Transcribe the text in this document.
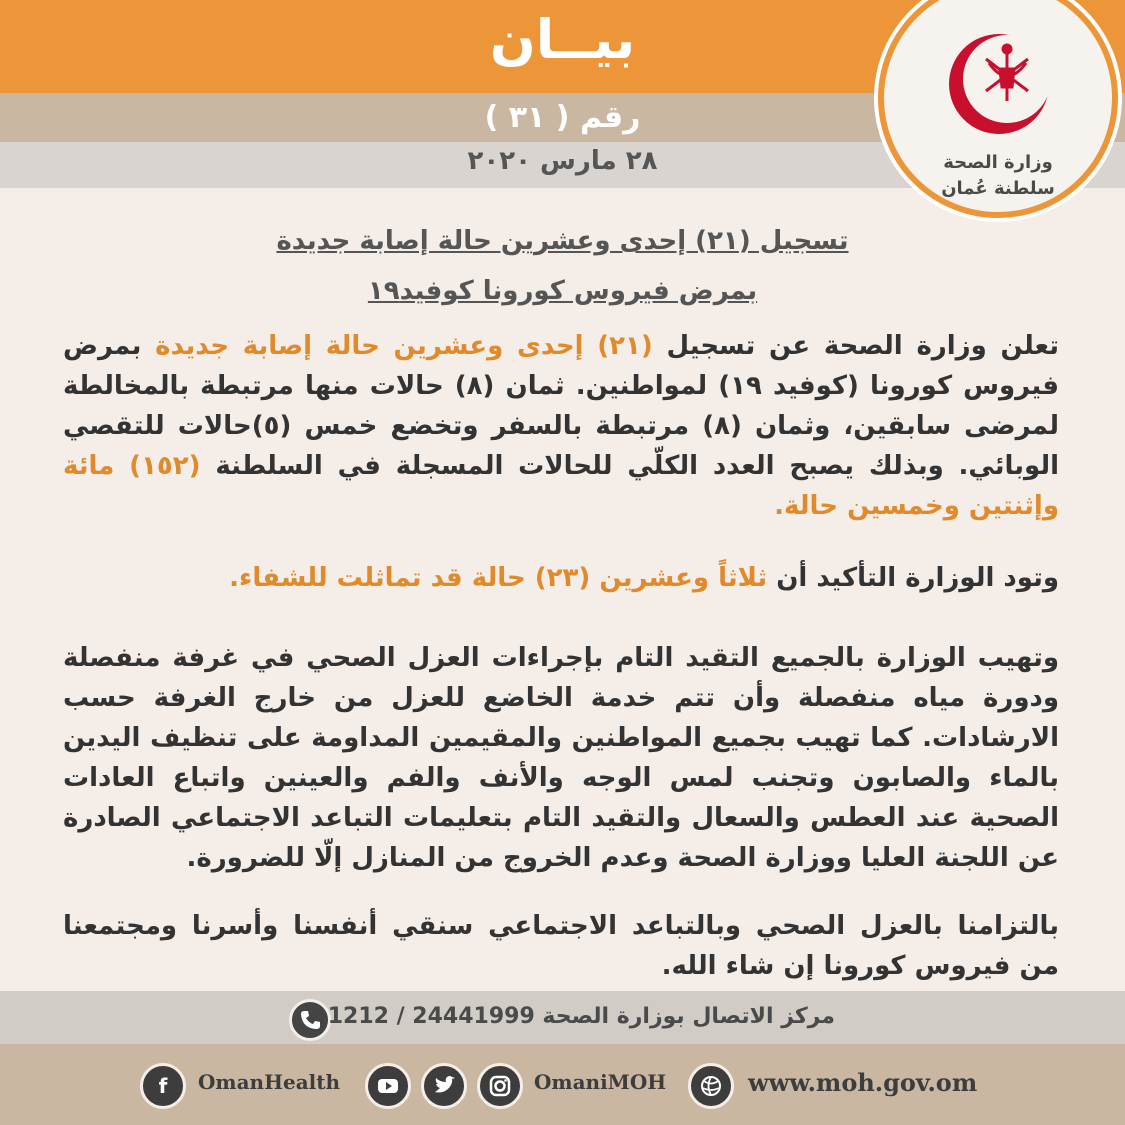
بيــان
رقم ( ٣١ )
٢٨ مارس ٢٠٢٠	وزارة الصحة
سلطنة عُمان
تسجيل (٢١) إحدى وعشرين حالة إصابة جديدة
بمرض فيروس كورونا كوفيد١٩
تعلن وزارة الصحة عن تسجيل (٢١) إحدى وعشرين حالة إصابة جديدة بمرض فيروس كورونا (كوفيد ١٩) لمواطنين. ثمان (٨) حالات منها مرتبطة بالمخالطة لمرضى سابقين، وثمان (٨) مرتبطة بالسفر وتخضع خمس (٥)حالات للتقصي الوبائي. وبذلك يصبح العدد الكلّي للحالات المسجلة في السلطنة (١٥٢) مائة وإثنتين وخمسين حالة.
وتود الوزارة التأكيد أن ثلاثاً وعشرين (٢٣) حالة قد تماثلت للشفاء.
وتهيب الوزارة بالجميع التقيد التام بإجراءات العزل الصحي في غرفة منفصلة ودورة مياه منفصلة وأن تتم خدمة الخاضع للعزل من خارج الغرفة حسب الارشادات. كما تهيب بجميع المواطنين والمقيمين المداومة على تنظيف اليدين بالماء والصابون وتجنب لمس الوجه والأنف والفم والعينين واتباع العادات الصحية عند العطس والسعال والتقيد التام بتعليمات التباعد الاجتماعي الصادرة عن اللجنة العليا ووزارة الصحة وعدم الخروج من المنازل إلّا للضرورة.
بالتزامنا بالعزل الصحي وبالتباعد الاجتماعي سنقي أنفسنا وأسرنا ومجتمعنا من فيروس كورونا إن شاء الله.
مركز الاتصال بوزارة الصحة 24441999 / 1212
f	OmanHealth	OmaniMOH	www.moh.gov.om
